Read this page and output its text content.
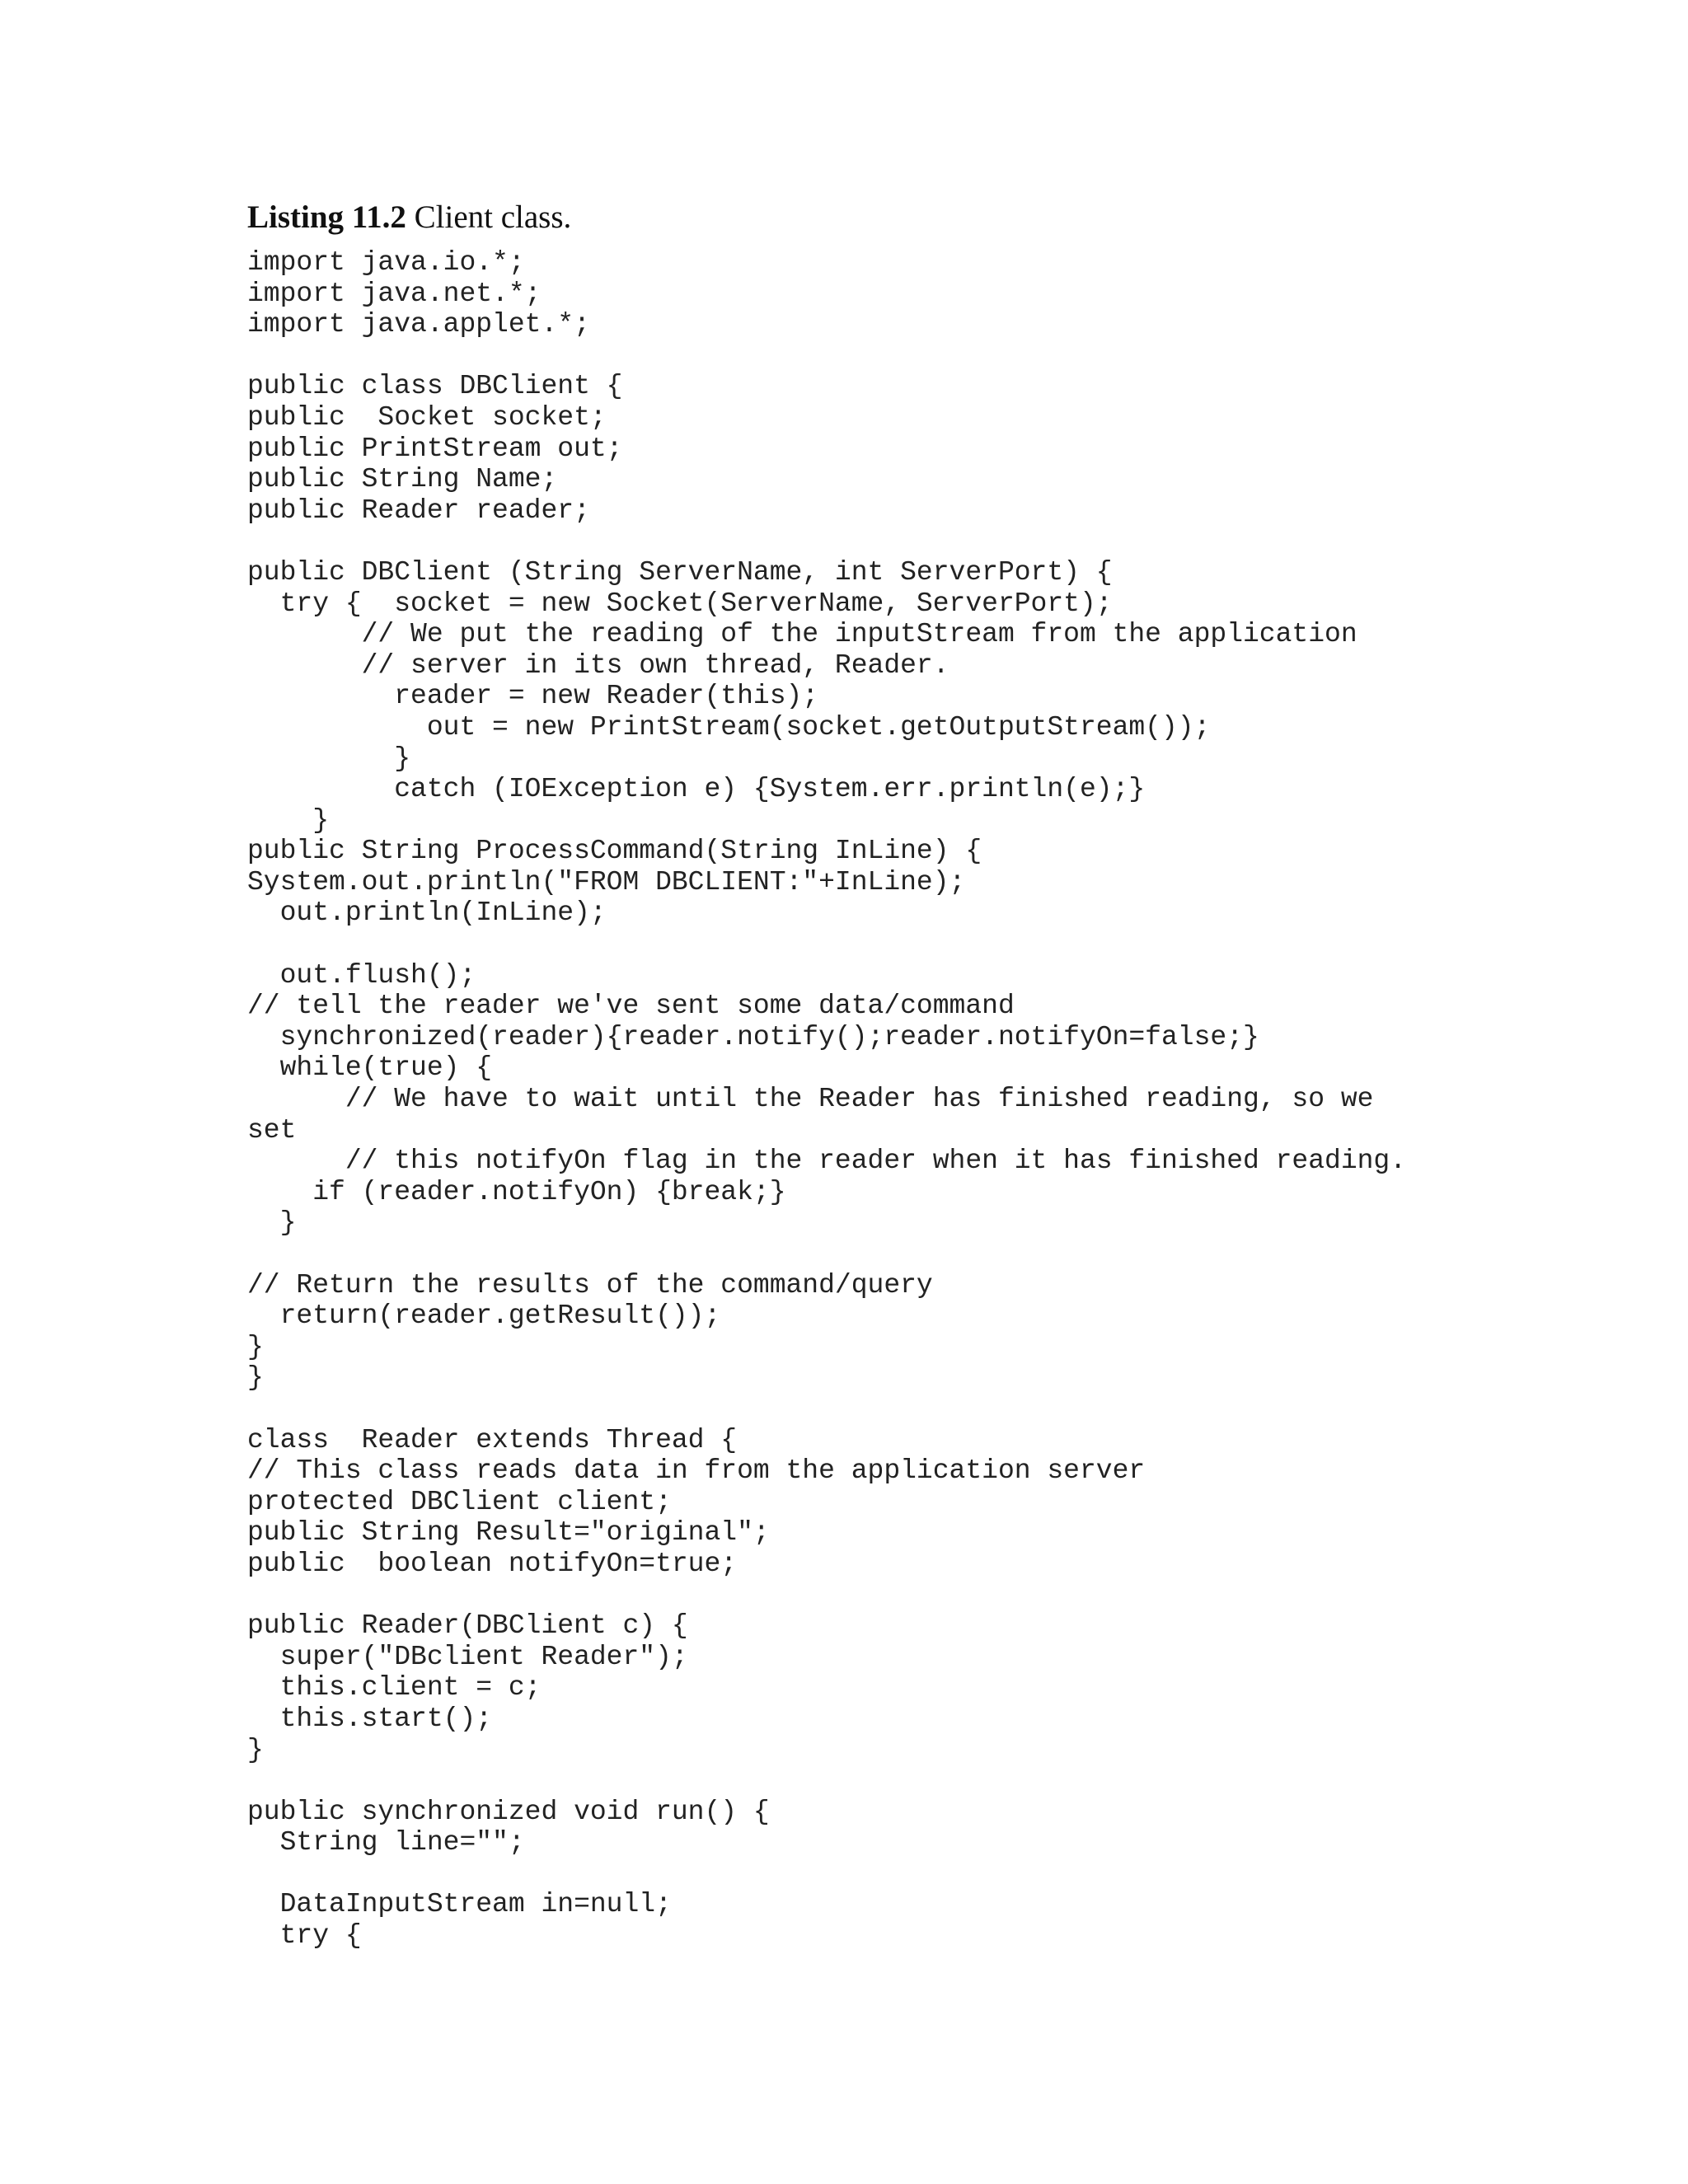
Listing 11.2 Client class.
import java.io.*;
import java.net.*;
import java.applet.*;
public class DBClient {
public  Socket socket;
public PrintStream out;
public String Name;
public Reader reader;
public DBClient (String ServerName, int ServerPort) {
try {  socket = new Socket(ServerName, ServerPort);
// We put the reading of the inputStream from the application
// server in its own thread, Reader.
reader = new Reader(this);
out = new PrintStream(socket.getOutputStream());
}
catch (IOException e) {System.err.println(e);}
}
public String ProcessCommand(String InLine) {
System.out.println("FROM DBCLIENT:"+InLine);
out.println(InLine);
out.flush();
// tell the reader we've sent some data/command
synchronized(reader){reader.notify();reader.notifyOn=false;}
while(true) {
// We have to wait until the Reader has finished reading, so we
set
// this notifyOn flag in the reader when it has finished reading.
if (reader.notifyOn) {break;}
}
// Return the results of the command/query
return(reader.getResult());
}
}
class  Reader extends Thread {
// This class reads data in from the application server
protected DBClient client;
public String Result="original";
public  boolean notifyOn=true;
public Reader(DBClient c) {
super("DBclient Reader");
this.client = c;
this.start();
}
public synchronized void run() {
String line="";
DataInputStream in=null;
try {
